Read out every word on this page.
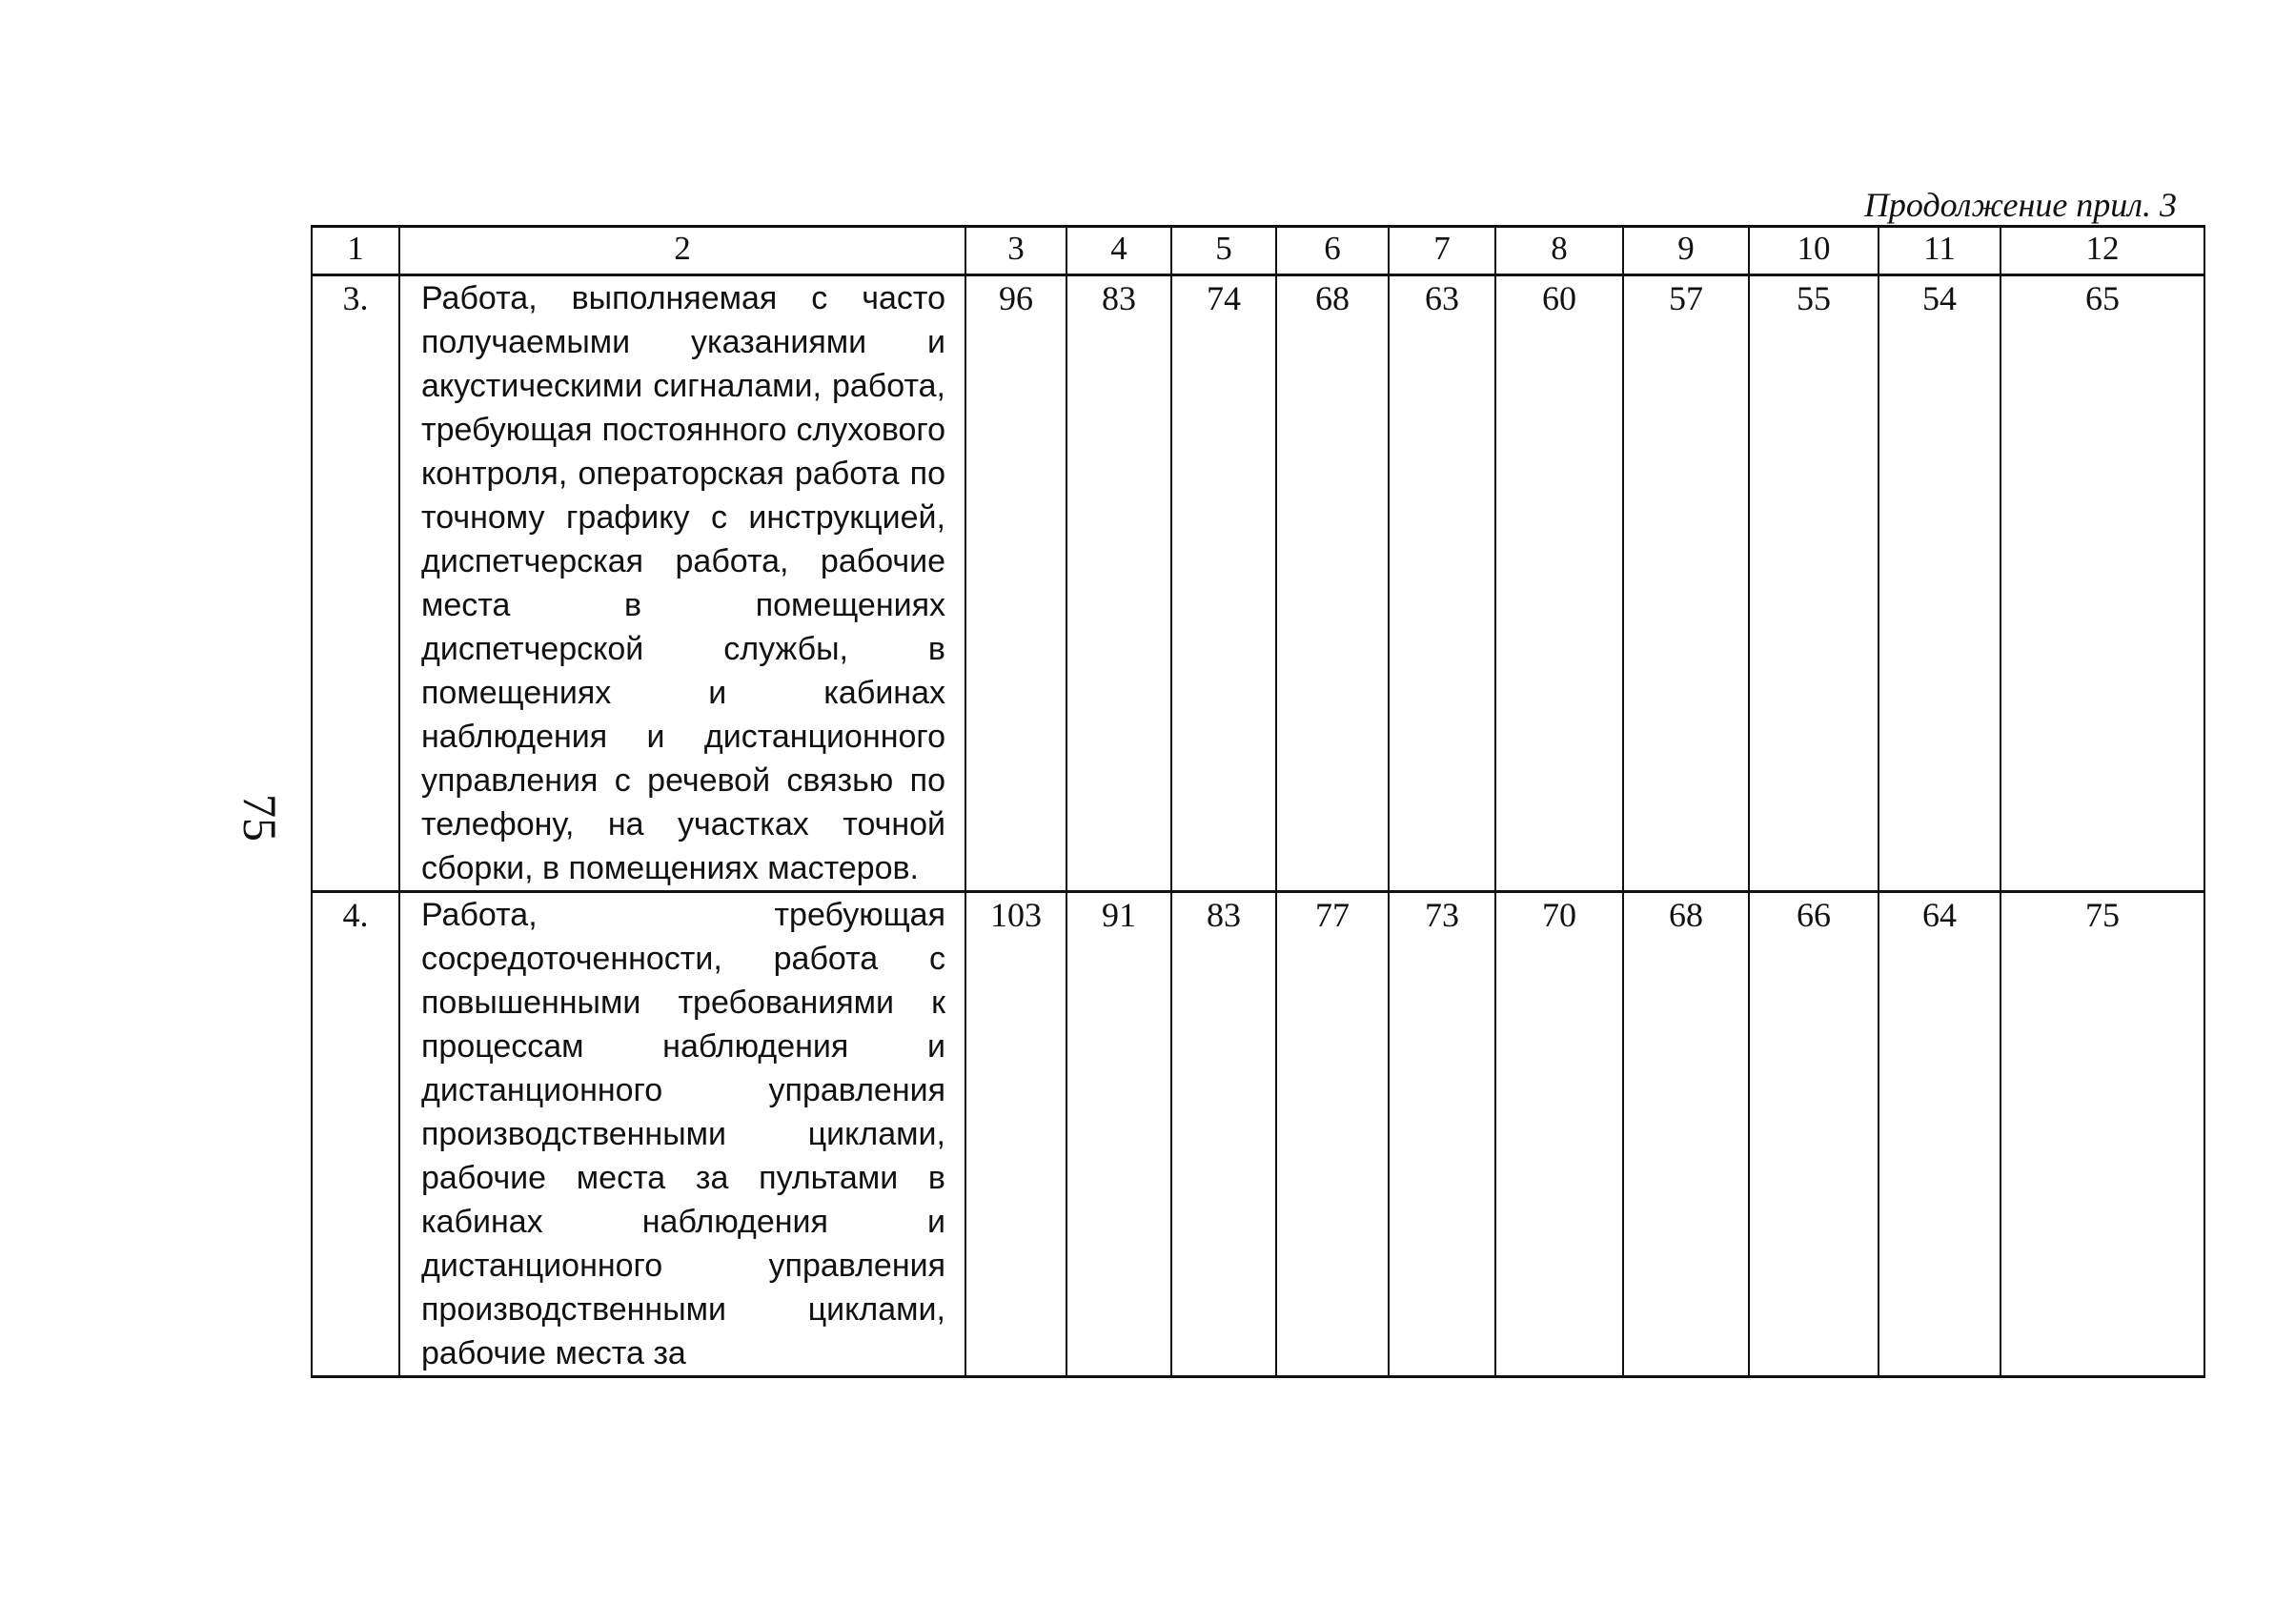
75
Продолжение прил. 3
1	2	3	4	5	6	7	8	9	10	11	12
3.	Работа, выполняемая с часто получаемыми указаниями и акустическими сигналами, работа, требующая постоянного слухового контроля, операторская работа по точному графику с инструкцией, диспетчерская работа, рабочие места в помещениях диспетчерской службы, в помещениях и кабинах наблюдения и дистанционного управления с речевой связью по телефону, на участках точной сборки, в помещениях мастеров.	96	83	74	68	63	60	57	55	54	65
4.	Работа, требующая сосредоточенности, работа с повышенными требованиями к процессам наблюдения и дистанционного управления производственными циклами, рабочие места за пультами в кабинах наблюдения и дистанционного управления производственными циклами, рабочие места за	103	91	83	77	73	70	68	66	64	75
